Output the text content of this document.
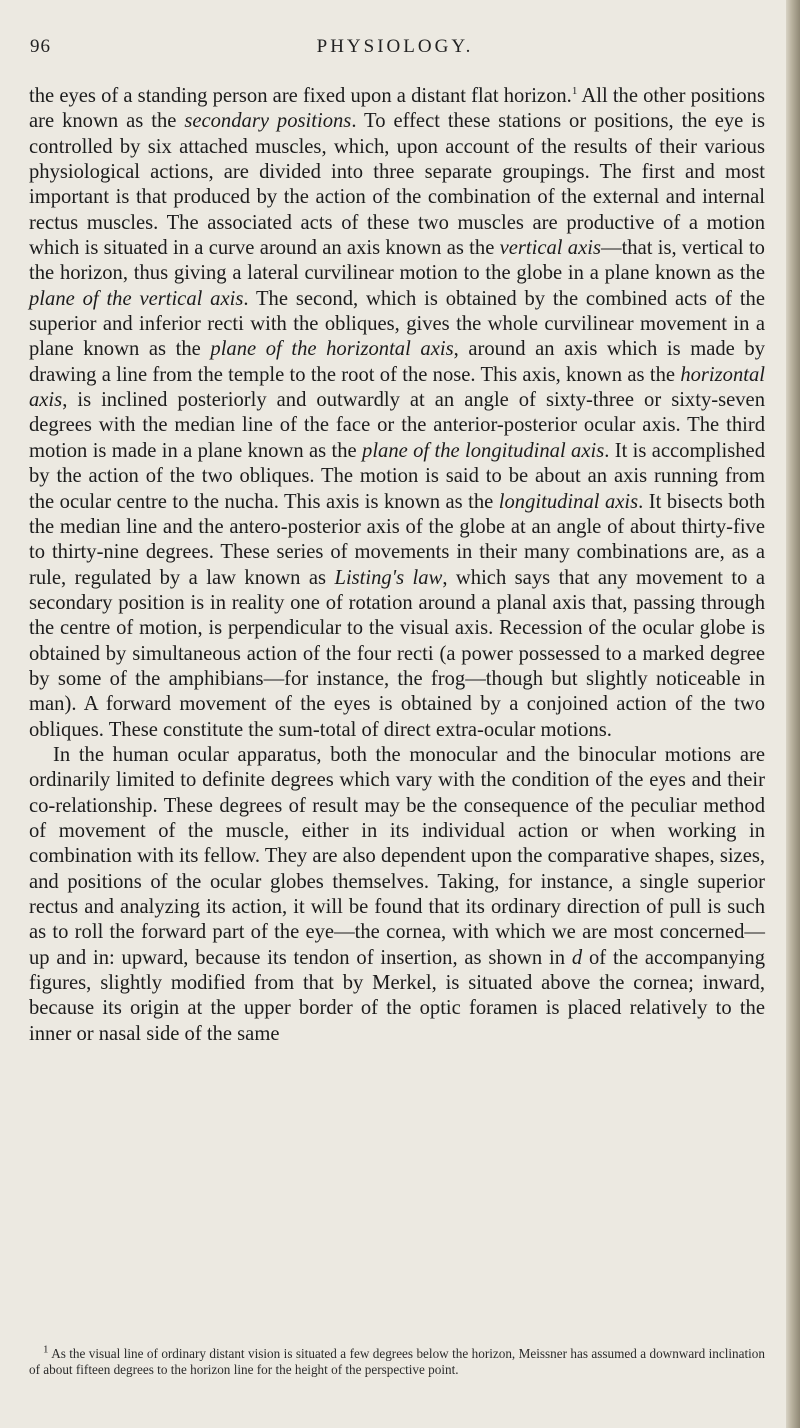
96	PHYSIOLOGY.

the eyes of a standing person are fixed upon a distant flat horizon.$^1$ All the other positions are known as the secondary positions. To effect these stations or positions, the eye is controlled by six attached muscles, which, upon account of the results of their various physiological actions, are divided into three separate groupings. The first and most important is that produced by the action of the combination of the external and internal rectus muscles. The associated acts of these two muscles are productive of a motion which is situated in a curve around an axis known as the vertical axis—that is, vertical to the horizon, thus giving a lateral curvilinear motion to the globe in a plane known as the plane of the vertical axis. The second, which is obtained by the combined acts of the superior and inferior recti with the obliques, gives the whole curvilinear movement in a plane known as the plane of the horizontal axis, around an axis which is made by drawing a line from the temple to the root of the nose. This axis, known as the horizontal axis, is inclined posteriorly and outwardly at an angle of sixty-three or sixty-seven degrees with the median line of the face or the anterior-posterior ocular axis. The third motion is made in a plane known as the plane of the longitudinal axis. It is accomplished by the action of the two obliques. The motion is said to be about an axis running from the ocular centre to the nucha. This axis is known as the longitudinal axis. It bisects both the median line and the antero-posterior axis of the globe at an angle of about thirty-five to thirty-nine degrees. These series of movements in their many combinations are, as a rule, regulated by a law known as Listing's law, which says that any movement to a secondary position is in reality one of rotation around a planal axis that, passing through the centre of motion, is perpendicular to the visual axis. Recession of the ocular globe is obtained by simultaneous action of the four recti (a power possessed to a marked degree by some of the amphibians—for instance, the frog—though but slightly noticeable in man). A forward movement of the eyes is obtained by a conjoined action of the two obliques. These constitute the sum-total of direct extra-ocular motions.

In the human ocular apparatus, both the monocular and the binocular motions are ordinarily limited to definite degrees which vary with the condition of the eyes and their co-relationship. These degrees of result may be the consequence of the peculiar method of movement of the muscle, either in its individual action or when working in combination with its fellow. They are also dependent upon the comparative shapes, sizes, and positions of the ocular globes themselves. Taking, for instance, a single superior rectus and analyzing its action, it will be found that its ordinary direction of pull is such as to roll the forward part of the eye—the cornea, with which we are most concerned—up and in: upward, because its tendon of insertion, as shown in d of the accompanying figures, slightly modified from that by Merkel, is situated above the cornea; inward, because its origin at the upper border of the optic foramen is placed relatively to the inner or nasal side of the same

$^1$ As the visual line of ordinary distant vision is situated a few degrees below the horizon, Meissner has assumed a downward inclination of about fifteen degrees to the horizon line for the height of the perspective point.
